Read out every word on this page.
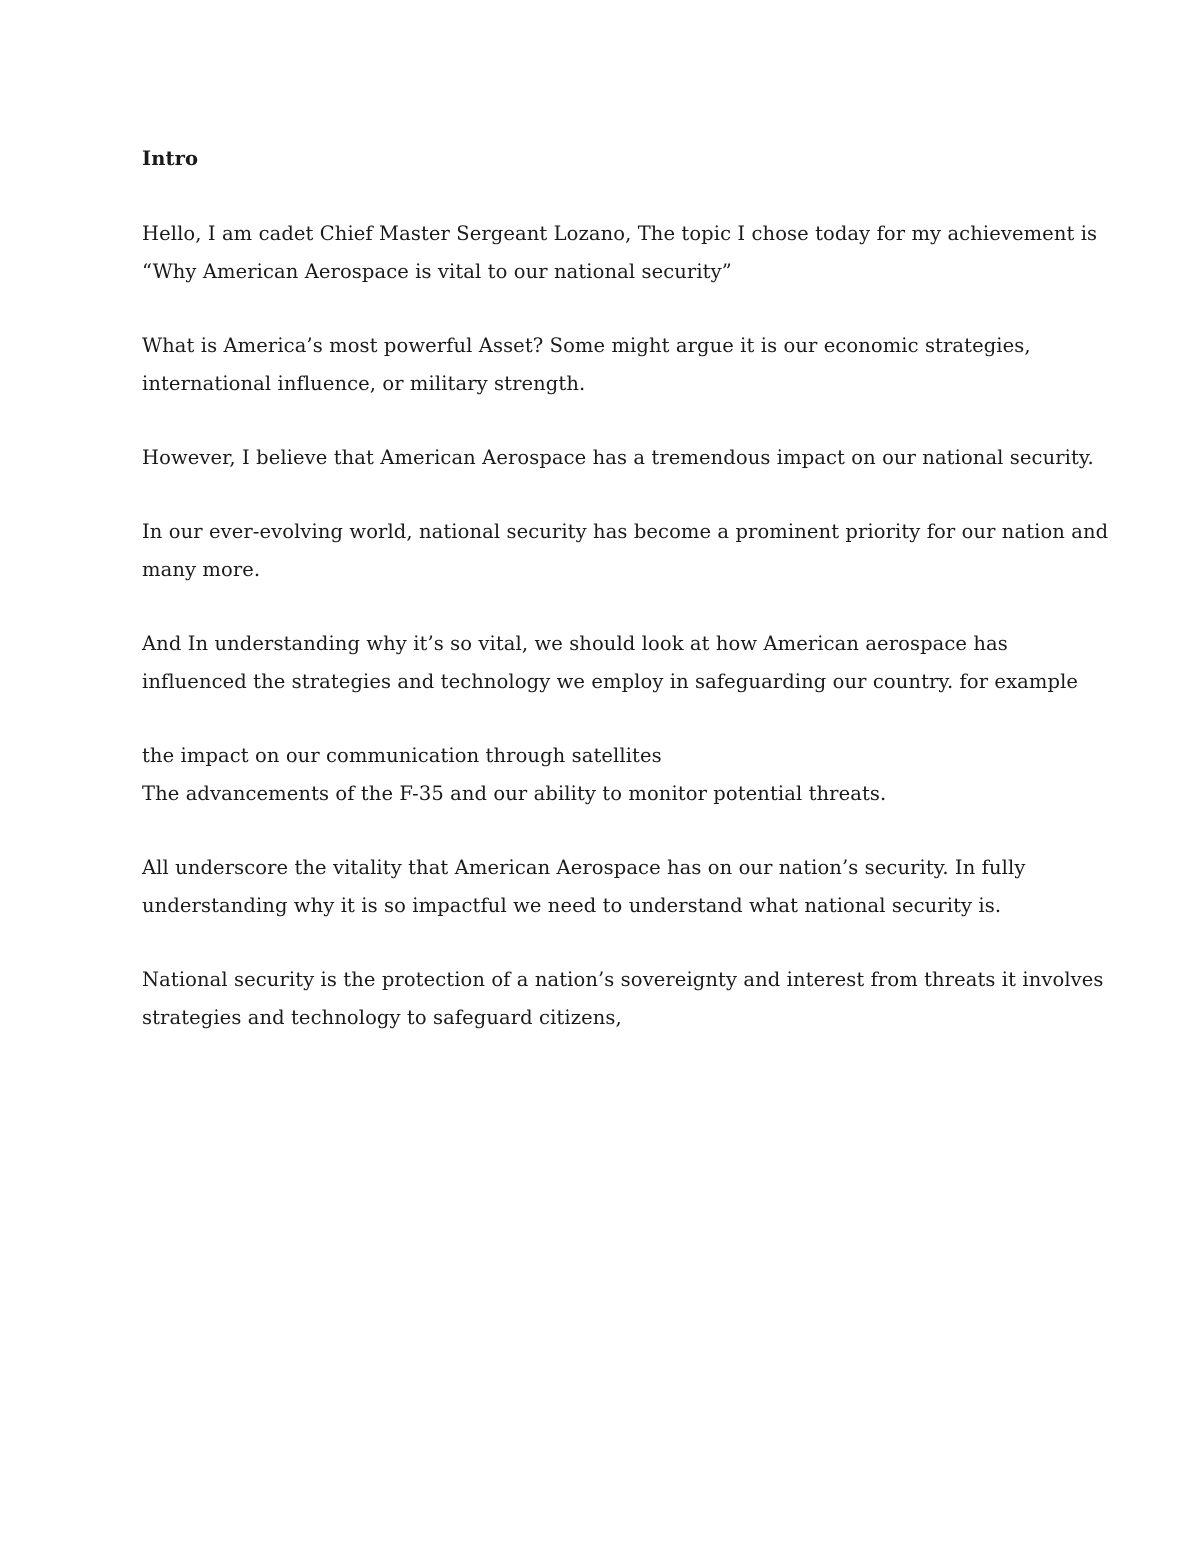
Intro
Hello, I am cadet Chief Master Sergeant Lozano, The topic I chose today for my achievement is
“Why American Aerospace is vital to our national security”
What is America’s most powerful Asset? Some might argue it is our economic strategies,
international influence, or military strength.
However, I believe that American Aerospace has a tremendous impact on our national security.
In our ever-evolving world, national security has become a prominent priority for our nation and
many more.
And In understanding why it’s so vital, we should look at how American aerospace has
influenced the strategies and technology we employ in safeguarding our country. for example
the impact on our communication through satellites
The advancements of the F-35 and our ability to monitor potential threats.
All underscore the vitality that American Aerospace has on our nation’s security. In fully
understanding why it is so impactful we need to understand what national security is.
National security is the protection of a nation’s sovereignty and interest from threats it involves
strategies and technology to safeguard citizens,
